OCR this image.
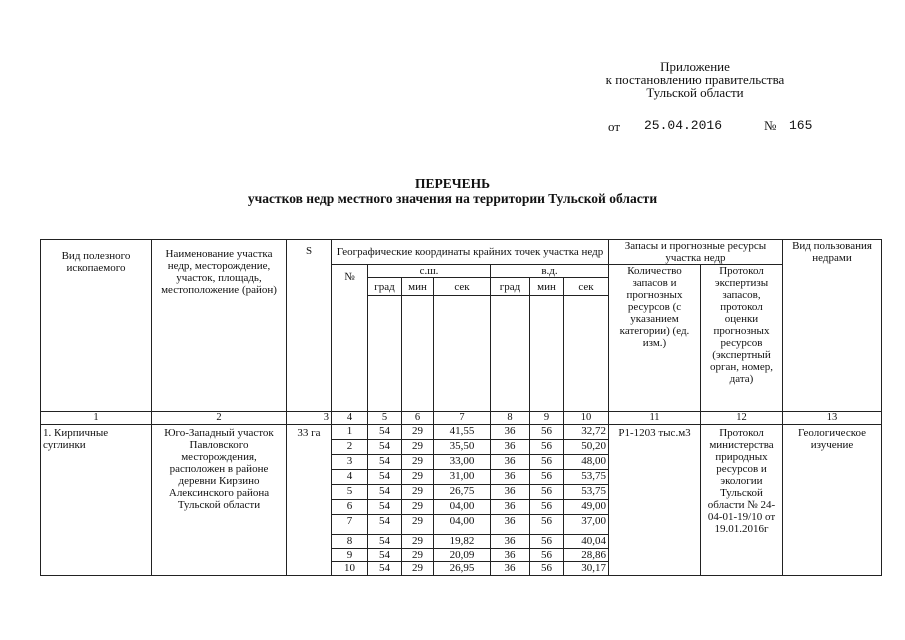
Приложение
к постановлению правительства
Тульской области
от 25.04.2016	№ 165
ПЕРЕЧЕНЬ
участков недр местного значения на территории Тульской области
Вид полезного ископаемого	Наименование участка недр, месторождение, участок, площадь, местоположение (район)	S	Географические координаты крайних точек участка недр							Запасы и прогнозные ресурсы участка недр		Вид пользования недрами
			№	с.ш.			в.д.			Количество запасов и прогнозных ресурсов (с указанием категории) (ед. изм.)	Протокол экспертизы запасов, протокол оценки прогнозных ресурсов (экспертный орган, номер, дата)	
				град	мин	сек	град	мин	сек			

1	2	3	4	5	6	7	8	9	10	11	12	13
1. Кирпичные суглинки	Юго-Западный участок Павловского месторождения, расположен в районе деревни Кирзино Алексинского района Тульской области	33 га	1	54	29	41,55	36	56	32,72	Р1-1203 тыс.м3	Протокол министерства природных ресурсов и экологии Тульской области № 24-04-01-19/10 от 19.01.2016г	Геологическое изучение
			2	54	29	35,50	36	56	50,20			
			3	54	29	33,00	36	56	48,00			
			4	54	29	31,00	36	56	53,75			
			5	54	29	26,75	36	56	53,75			
			6	54	29	04,00	36	56	49,00			
			7	54	29	04,00	36	56	37,00			
			8	54	29	19,82	36	56	40,04			
			9	54	29	20,09	36	56	28,86			
			10	54	29	26,95	36	56	30,17			
